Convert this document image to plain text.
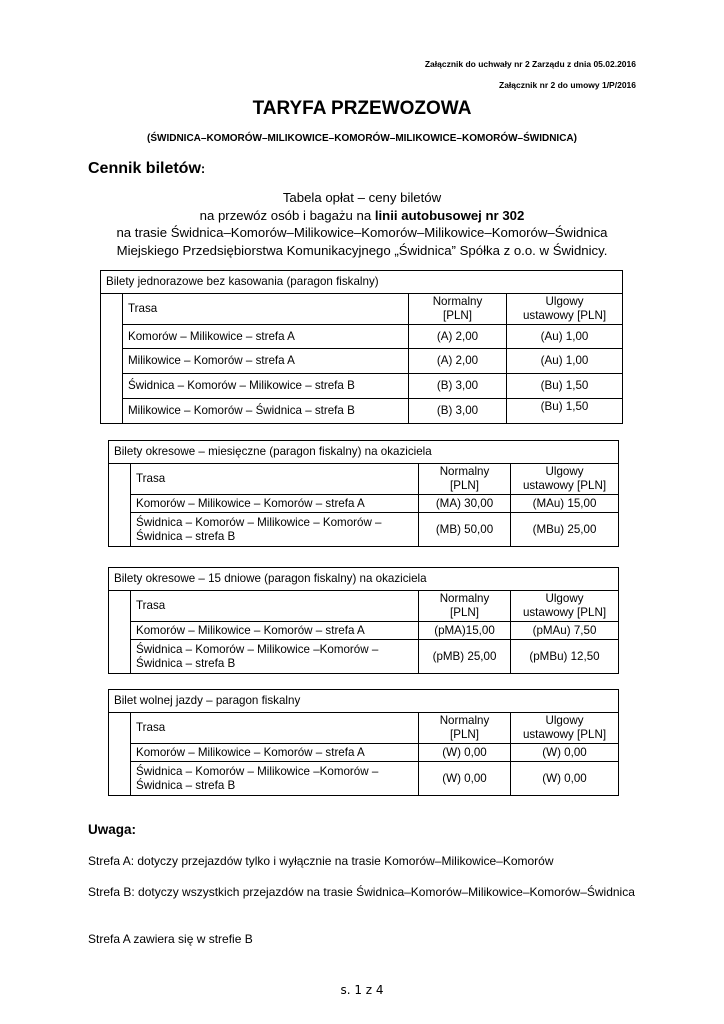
Załącznik do uchwały nr 2 Zarządu z dnia 05.02.2016
Załącznik nr 2 do umowy 1/P/2016
TARYFA PRZEWOZOWA
(ŚWIDNICA–KOMORÓW–MILIKOWICE–KOMORÓW–MILIKOWICE–KOMORÓW–ŚWIDNICA)
Cennik biletów:
Tabela opłat – ceny biletów
na przewóz osób i bagażu na linii autobusowej nr 302
na trasie Świdnica–Komorów–Milikowice–Komorów–Milikowice–Komorów–Świdnica
Miejskiego Przedsiębiorstwa Komunikacyjnego „Świdnica” Spółka z o.o. w Świdnicy.
Bilety jednorazowe bez kasowania (paragon fiskalny)			
	Trasa	Normalny
[PLN]	Ulgowy
ustawowy [PLN]
	Komorów – Milikowice – strefa A	(A) 2,00	(Au) 1,00
	Milikowice – Komorów – strefa A	(A) 2,00	(Au) 1,00
	Świdnica – Komorów – Milikowice – strefa B	(B) 3,00	(Bu) 1,50
	Milikowice – Komorów – Świdnica – strefa B	(B) 3,00	(Bu) 1,50
Bilety okresowe – miesięczne (paragon fiskalny) na okaziciela			
	Trasa	Normalny
[PLN]	Ulgowy
ustawowy [PLN]
	Komorów – Milikowice – Komorów – strefa A	(MA) 30,00	(MAu) 15,00
	Świdnica – Komorów – Milikowice – Komorów – Świdnica – strefa B	(MB) 50,00	(MBu) 25,00
Bilety okresowe – 15 dniowe (paragon fiskalny) na okaziciela			
	Trasa	Normalny
[PLN]	Ulgowy
ustawowy [PLN]
	Komorów – Milikowice – Komorów – strefa A	(pMA)15,00	(pMAu) 7,50
	Świdnica – Komorów – Milikowice –Komorów – Świdnica – strefa B	(pMB) 25,00	(pMBu) 12,50
Bilet wolnej jazdy – paragon fiskalny			
	Trasa	Normalny
[PLN]	Ulgowy
ustawowy [PLN]
	Komorów – Milikowice – Komorów – strefa A	(W) 0,00	(W) 0,00
	Świdnica – Komorów – Milikowice –Komorów – Świdnica – strefa B	(W) 0,00	(W) 0,00
Uwaga:
Strefa A: dotyczy przejazdów tylko i wyłącznie na trasie Komorów–Milikowice–Komorów
Strefa B: dotyczy wszystkich przejazdów na trasie Świdnica–Komorów–Milikowice–Komorów–Świdnica
Strefa A zawiera się w strefie B
s. 1 z 4
